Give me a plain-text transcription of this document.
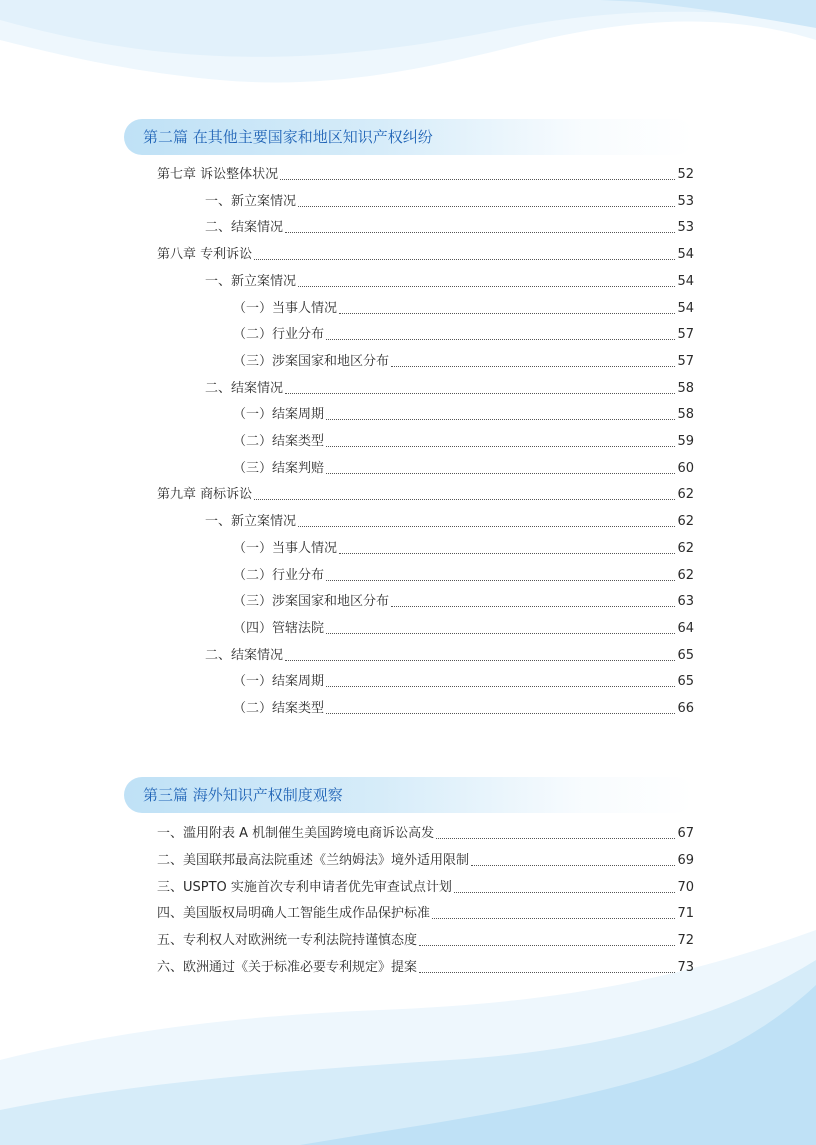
第二篇 在其他主要国家和地区知识产权纠纷
第七章 诉讼整体状况	52
一、新立案情况	53
二、结案情况	53
第八章 专利诉讼	54
一、新立案情况	54
（一）当事人情况	54
（二）行业分布	57
（三）涉案国家和地区分布	57
二、结案情况	58
（一）结案周期	58
（二）结案类型	59
（三）结案判赔	60
第九章 商标诉讼	62
一、新立案情况	62
（一）当事人情况	62
（二）行业分布	62
（三）涉案国家和地区分布	63
（四）管辖法院	64
二、结案情况	65
（一）结案周期	65
（二）结案类型	66
第三篇 海外知识产权制度观察
一、滥用附表 A 机制催生美国跨境电商诉讼高发	67
二、美国联邦最高法院重述《兰纳姆法》境外适用限制	69
三、USPTO 实施首次专利申请者优先审查试点计划	70
四、美国版权局明确人工智能生成作品保护标准	71
五、专利权人对欧洲统一专利法院持谨慎态度	72
六、欧洲通过《关于标准必要专利规定》提案	73
